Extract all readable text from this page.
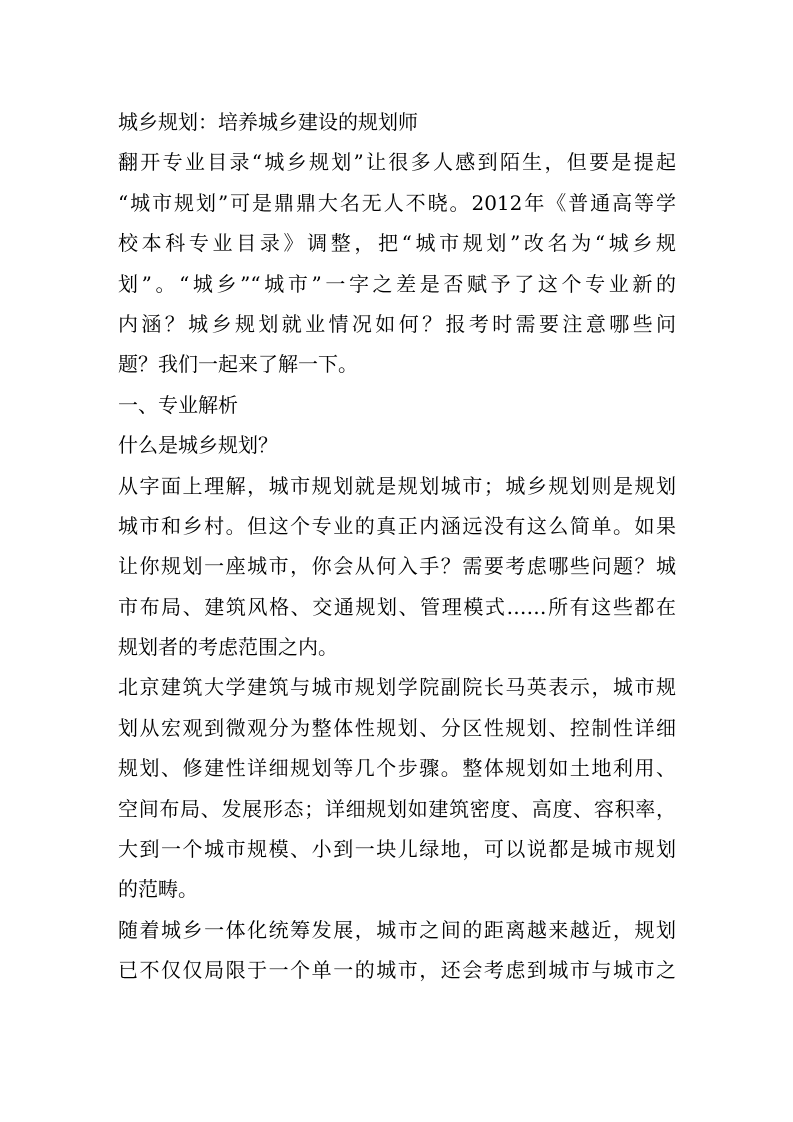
城乡规划：培养城乡建设的规划师
翻开专业目录“城乡规划”让很多人感到陌生，但要是提起
“城市规划”可是鼎鼎大名无人不晓。2012年《普通高等学
校本科专业目录》调整，把“城市规划”改名为“城乡规
划”。“城乡”“城市”一字之差是否赋予了这个专业新的
内涵？城乡规划就业情况如何？报考时需要注意哪些问
题？我们一起来了解一下。
一、专业解析
什么是城乡规划？
从字面上理解，城市规划就是规划城市；城乡规划则是规划
城市和乡村。但这个专业的真正内涵远没有这么简单。如果
让你规划一座城市，你会从何入手？需要考虑哪些问题？城
市布局、建筑风格、交通规划、管理模式……所有这些都在
规划者的考虑范围之内。
北京建筑大学建筑与城市规划学院副院长马英表示，城市规
划从宏观到微观分为整体性规划、分区性规划、控制性详细
规划、修建性详细规划等几个步骤。整体规划如土地利用、
空间布局、发展形态；详细规划如建筑密度、高度、容积率，
大到一个城市规模、小到一块儿绿地，可以说都是城市规划
的范畴。
随着城乡一体化统筹发展，城市之间的距离越来越近，规划
已不仅仅局限于一个单一的城市，还会考虑到城市与城市之
